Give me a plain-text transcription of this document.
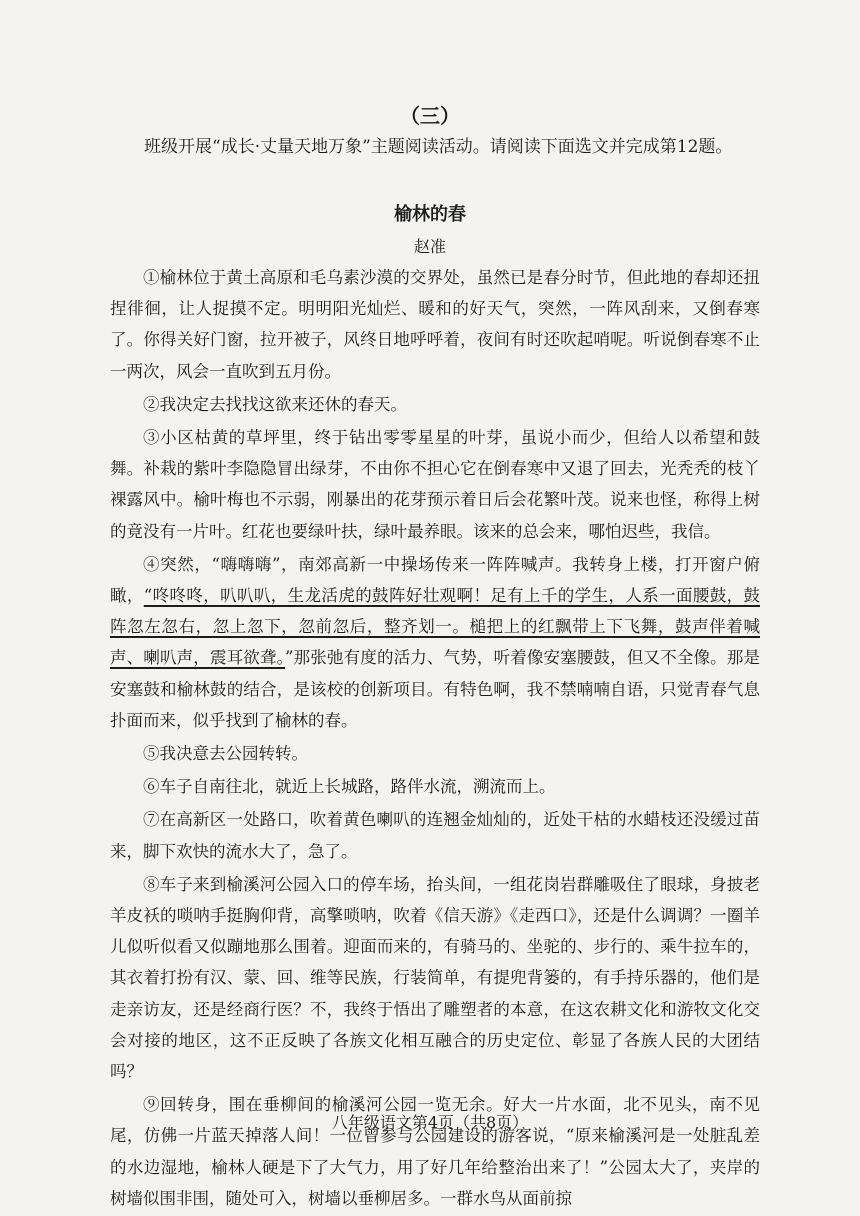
（三）
班级开展“成长·丈量天地万象”主题阅读活动。请阅读下面选文并完成第12题。
榆林的春
赵准

①榆林位于黄土高原和毛乌素沙漠的交界处，虽然已是春分时节，但此地的春却还扭捏徘徊，让人捉摸不定。明明阳光灿烂、暖和的好天气，突然，一阵风刮来，又倒春寒了。你得关好门窗，拉开被子，风终日地呼呼着，夜间有时还吹起哨呢。听说倒春寒不止一两次，风会一直吹到五月份。

②我决定去找找这欲来还休的春天。

③小区枯黄的草坪里，终于钻出零零星星的叶芽，虽说小而少，但给人以希望和鼓舞。补栽的紫叶李隐隐冒出绿芽，不由你不担心它在倒春寒中又退了回去，光秃秃的枝丫裸露风中。榆叶梅也不示弱，刚暴出的花芽预示着日后会花繁叶茂。说来也怪，称得上树的竟没有一片叶。红花也要绿叶扶，绿叶最养眼。该来的总会来，哪怕迟些，我信。

④突然，“嗨嗨嗨”，南郊高新一中操场传来一阵阵喊声。我转身上楼，打开窗户俯瞰，“咚咚咚，叭叭叭，生龙活虎的鼓阵好壮观啊！足有上千的学生，人系一面腰鼓，鼓阵忽左忽右，忽上忽下，忽前忽后，整齐划一。槌把上的红飘带上下飞舞，鼓声伴着喊声、喇叭声，震耳欲聋。”那张弛有度的活力、气势，听着像安塞腰鼓，但又不全像。那是安塞鼓和榆林鼓的结合，是该校的创新项目。有特色啊，我不禁喃喃自语，只觉青春气息扑面而来，似乎找到了榆林的春。

⑤我决意去公园转转。

⑥车子自南往北，就近上长城路，路伴水流，溯流而上。

⑦在高新区一处路口，吹着黄色喇叭的连翘金灿灿的，近处干枯的水蜡枝还没缓过苗来，脚下欢快的流水大了，急了。

⑧车子来到榆溪河公园入口的停车场，抬头间，一组花岗岩群雕吸住了眼球，身披老羊皮袄的唢呐手挺胸仰背，高擎唢呐，吹着《信天游》《走西口》，还是什么调调？一圈羊儿似听似看又似蹦地那么围着。迎面而来的，有骑马的、坐驼的、步行的、乘牛拉车的，其衣着打扮有汉、蒙、回、维等民族，行装简单，有提兜背篓的，有手持乐器的，他们是走亲访友，还是经商行医？不，我终于悟出了雕塑者的本意，在这农耕文化和游牧文化交会对接的地区，这不正反映了各族文化相互融合的历史定位、彰显了各族人民的大团结吗？

⑨回转身，围在垂柳间的榆溪河公园一览无余。好大一片水面，北不见头，南不见尾，仿佛一片蓝天掉落人间！一位曾参与公园建设的游客说，“原来榆溪河是一处脏乱差的水边湿地，榆林人硬是下了大气力，用了好几年给整治出来了！”公园太大了，夹岸的树墙似围非围，随处可入，树墙以垂柳居多。一群水鸟从面前掠

八年级语文第4页（共8页）
